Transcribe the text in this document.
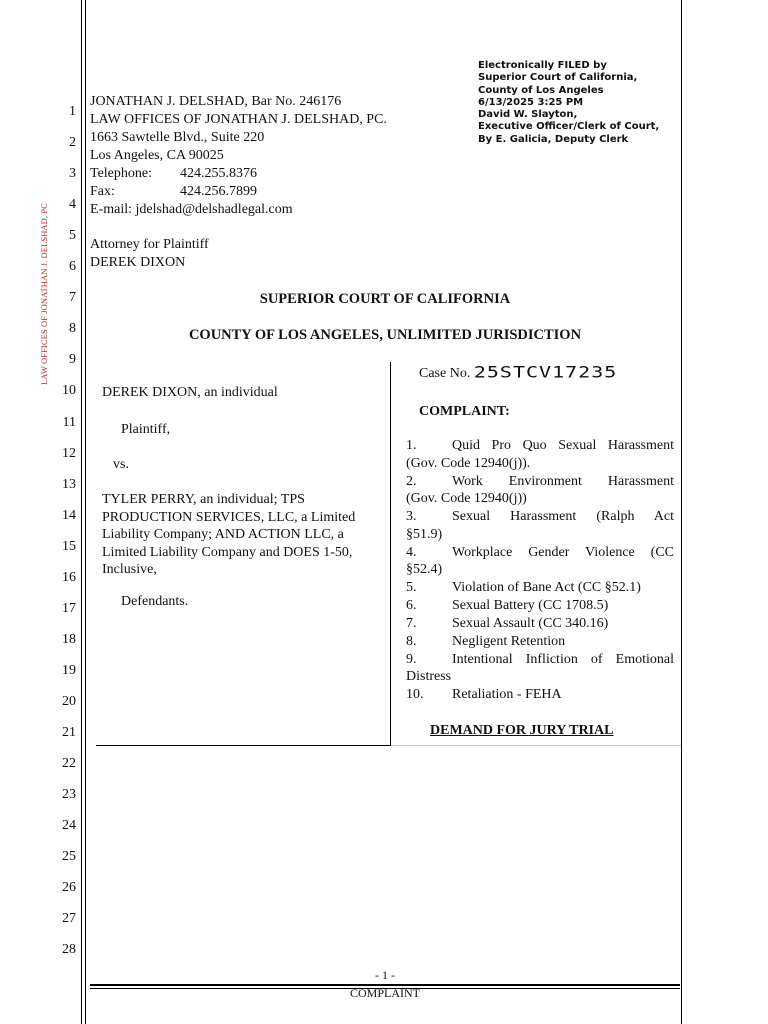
LAW OFFICES OF JONATHAN J. DELSHAD, PC
1
2
3
4
5
6
7
8
9
10
11
12
13
14
15
16
17
18
19
20
21
22
23
24
25
26
27
28
Electronically FILED by
Superior Court of California,
County of Los Angeles
6/13/2025 3:25 PM
David W. Slayton,
Executive Officer/Clerk of Court,
By E. Galicia, Deputy Clerk
JONATHAN J. DELSHAD, Bar No. 246176
LAW OFFICES OF JONATHAN J. DELSHAD, PC.
1663 Sawtelle Blvd., Suite 220
Los Angeles, CA 90025
Telephone: 424.255.8376
Fax:	424.256.7899
E-mail: jdelshad@delshadlegal.com
Attorney for Plaintiff
DEREK DIXON
SUPERIOR COURT OF CALIFORNIA
COUNTY OF LOS ANGELES, UNLIMITED JURISDICTION
DEREK DIXON, an individual
Plaintiff,
vs.
TYLER PERRY, an individual; TPS
PRODUCTION SERVICES, LLC, a Limited
Liability Company; AND ACTION LLC, a
Limited Liability Company and DOES 1-50,
Inclusive,
Defendants.
Case No. 25STCV17235
COMPLAINT:
1.	Quid Pro Quo Sexual Harassment
(Gov. Code 12940(j)).
2.	Work Environment Harassment
(Gov. Code 12940(j))
3.	Sexual Harassment (Ralph Act
§51.9)
4.	Workplace Gender Violence (CC
§52.4)
5.	Violation of Bane Act (CC §52.1)
6.	Sexual Battery (CC 1708.5)
7.	Sexual Assault (CC 340.16)
8.	Negligent Retention
9.	Intentional Infliction of Emotional
Distress
10. Retaliation - FEHA
DEMAND FOR JURY TRIAL
- 1 -
COMPLAINT
